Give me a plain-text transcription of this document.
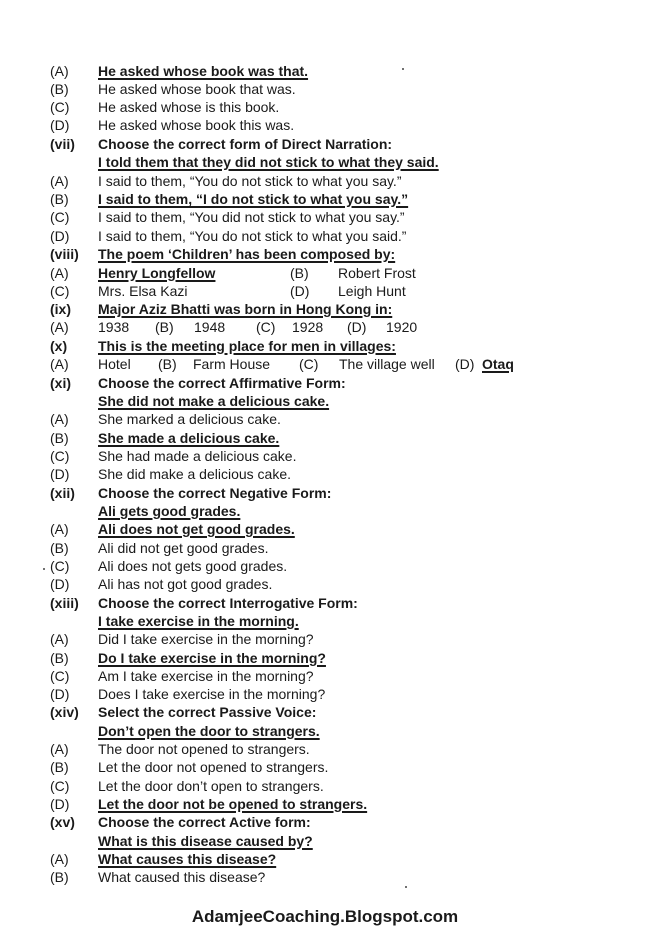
(A) He asked whose book was that.
(B) He asked whose book that was.
(C) He asked whose is this book.
(D) He asked whose book this was.
(vii) Choose the correct form of Direct Narration:
I told them that they did not stick to what they said.
(A) I said to them, “You do not stick to what you say.”
(B) I said to them, “I do not stick to what you say.”
(C) I said to them, “You did not stick to what you say.”
(D) I said to them, “You do not stick to what you said.”
(viii) The poem ‘Children’ has been composed by:
(A) Henry Longfellow	(B) Robert Frost
(C) Mrs. Elsa Kazi	(D) Leigh Hunt
(ix) Major Aziz Bhatti was born in Hong Kong in:
(A) 1938 (B) 1948 (C) 1928 (D) 1920
(x) This is the meeting place for men in villages:
(A) Hotel (B) Farm House (C) The village well (D) Otaq
(xi) Choose the correct Affirmative Form:
She did not make a delicious cake.
(A) She marked a delicious cake.
(B) She made a delicious cake.
(C) She had made a delicious cake.
(D) She did make a delicious cake.
(xii) Choose the correct Negative Form:
Ali gets good grades.
(A) Ali does not get good grades.
(B) Ali did not get good grades.
(C) Ali does not gets good grades.
(D) Ali has not got good grades.
(xiii) Choose the correct Interrogative Form:
I take exercise in the morning.
(A) Did I take exercise in the morning?
(B) Do I take exercise in the morning?
(C) Am I take exercise in the morning?
(D) Does I take exercise in the morning?
(xiv) Select the correct Passive Voice:
Don’t open the door to strangers.
(A) The door not opened to strangers.
(B) Let the door not opened to strangers.
(C) Let the door don’t open to strangers.
(D) Let the door not be opened to strangers.
(xv) Choose the correct Active form:
What is this disease caused by?
(A) What causes this disease?
(B) What caused this disease?
AdamjeeCoaching.Blogspot.com
